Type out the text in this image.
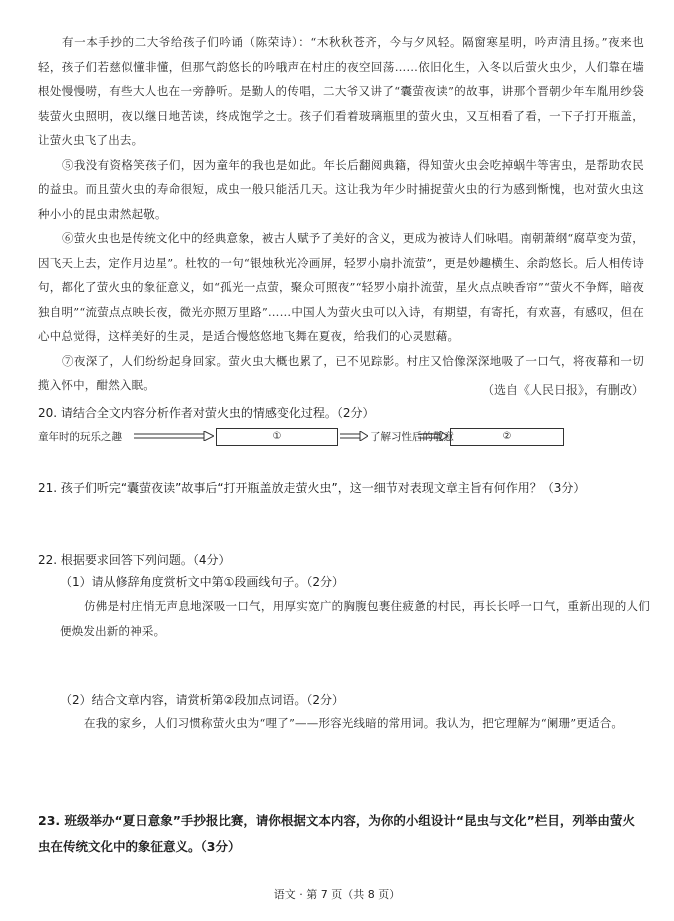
有一本手抄的二大爷给孩子们吟诵（陈荣诗）：“木秋秋苍齐，今与夕风轻。隔窗寒星明，吟声清且扬。”夜来也轻，孩子们若慈似懂非懂，但那气韵悠长的吟哦声在村庄的夜空回荡……依旧化生，入冬以后萤火虫少，人们靠在墙根处慢慢唠，有些大人也在一旁静听。是勤人的传唱，二大爷又讲了“囊萤夜读”的故事，讲那个晋朝少年车胤用纱袋装萤火虫照明，夜以继日地苦读，终成饱学之士。孩子们看着玻璃瓶里的萤火虫，又互相看了看，一下子打开瓶盖，让萤火虫飞了出去。

⑤我没有资格笑孩子们，因为童年的我也是如此。年长后翻阅典籍，得知萤火虫会吃掉蜗牛等害虫，是帮助农民的益虫。而且萤火虫的寿命很短，成虫一般只能活几天。这让我为年少时捕捉萤火虫的行为感到惭愧，也对萤火虫这种小小的昆虫肃然起敬。

⑥萤火虫也是传统文化中的经典意象，被古人赋予了美好的含义，更成为被诗人们咏唱。南朝萧纲“腐草变为萤，因飞天上去，定作月边星”。杜牧的一句“银烛秋光冷画屏，轻罗小扇扑流萤”，更是妙趣横生、余韵悠长。后人相传诗句，都化了萤火虫的象征意义，如“孤光一点萤，聚众可照夜”“轻罗小扇扑流萤，星火点点映香帘”“萤火不争辉，暗夜独自明”“流萤点点映长夜，微光亦照万里路”……中国人为萤火虫可以入诗，有期望，有寄托，有欢喜，有感叹，但在心中总觉得，这样美好的生灵，是适合慢悠悠地飞舞在夏夜，给我们的心灵慰藉。

⑦夜深了，人们纷纷起身回家。萤火虫大概也累了，已不见踪影。村庄又恰像深深地吸了一口气，将夜幕和一切揽入怀中，酣然入眠。	（选自《人民日报》，有删改）
20. 请结合全文内容分析作者对萤火虫的情感变化过程。（2分）
童年时的玩乐之趣	①	了解习性后的敬意	②
21. 孩子们听完“囊萤夜读”故事后“打开瓶盖放走萤火虫”，这一细节对表现文章主旨有何作用？（3分）
22. 根据要求回答下列问题。（4分）
（1）请从修辞角度赏析文中第①段画线句子。（2分）
仿佛是村庄悄无声息地深吸一口气，用厚实宽广的胸腹包裹住疲惫的村民，再长长呼一口气，重新出现的人们便焕发出新的神采。
（2）结合文章内容，请赏析第②段加点词语。（2分）
在我的家乡，人们习惯称萤火虫为“哩了”——形容光线暗的常用词。我认为，把它理解为“阑珊”更适合。
23. 班级举办“夏日意象”手抄报比赛，请你根据文本内容，为你的小组设计“昆虫与文化”栏目，列举由萤火虫在传统文化中的象征意义。（3分）
语文 · 第 7 页（共 8 页）
